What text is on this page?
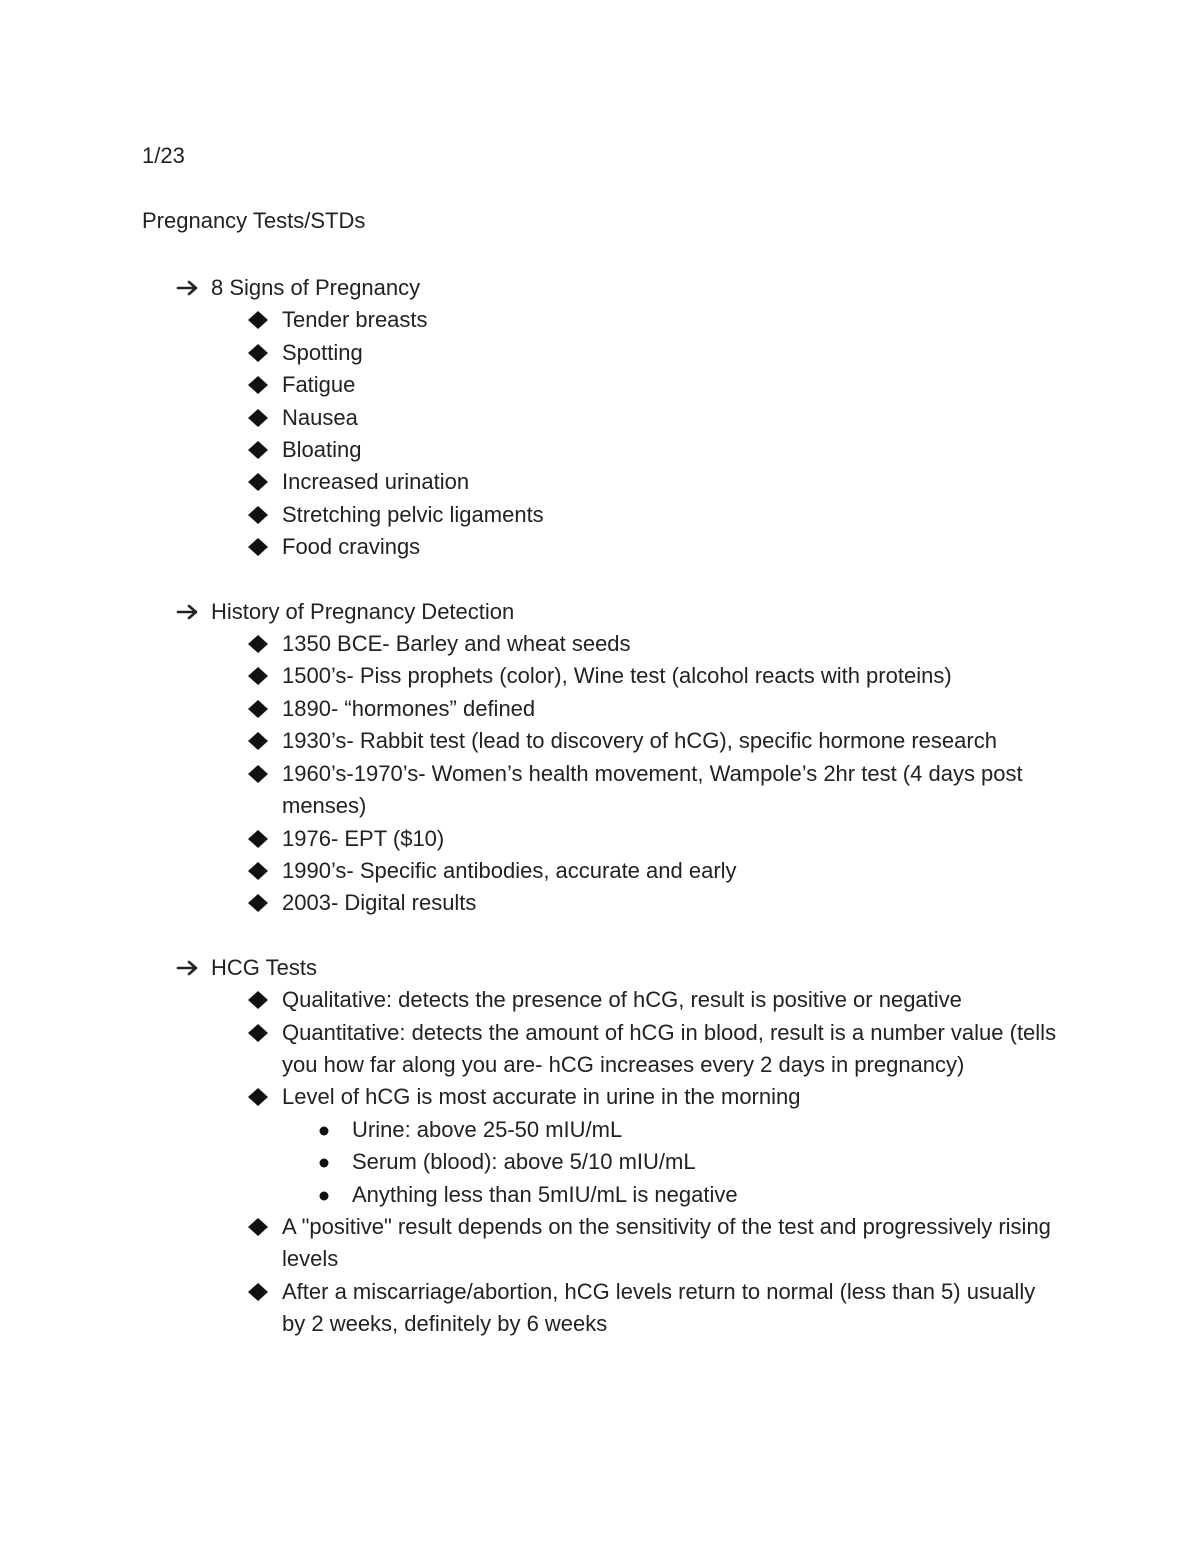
1/23
Pregnancy Tests/STDs
8 Signs of Pregnancy
Tender breasts
Spotting
Fatigue
Nausea
Bloating
Increased urination
Stretching pelvic ligaments
Food cravings
History of Pregnancy Detection
1350 BCE- Barley and wheat seeds
1500’s- Piss prophets (color), Wine test (alcohol reacts with proteins)
1890- “hormones” defined
1930’s- Rabbit test (lead to discovery of hCG), specific hormone research
1960’s-1970’s- Women’s health movement, Wampole’s 2hr test (4 days post menses)
1976- EPT ($10)
1990’s- Specific antibodies, accurate and early
2003- Digital results
HCG Tests
Qualitative: detects the presence of hCG, result is positive or negative
Quantitative: detects the amount of hCG in blood, result is a number value (tells you how far along you are- hCG increases every 2 days in pregnancy)
Level of hCG is most accurate in urine in the morning
Urine: above 25-50 mIU/mL
Serum (blood): above 5/10 mIU/mL
Anything less than 5mIU/mL is negative
A "positive" result depends on the sensitivity of the test and progressively rising levels
After a miscarriage/abortion, hCG levels return to normal (less than 5) usually by 2 weeks, definitely by 6 weeks
